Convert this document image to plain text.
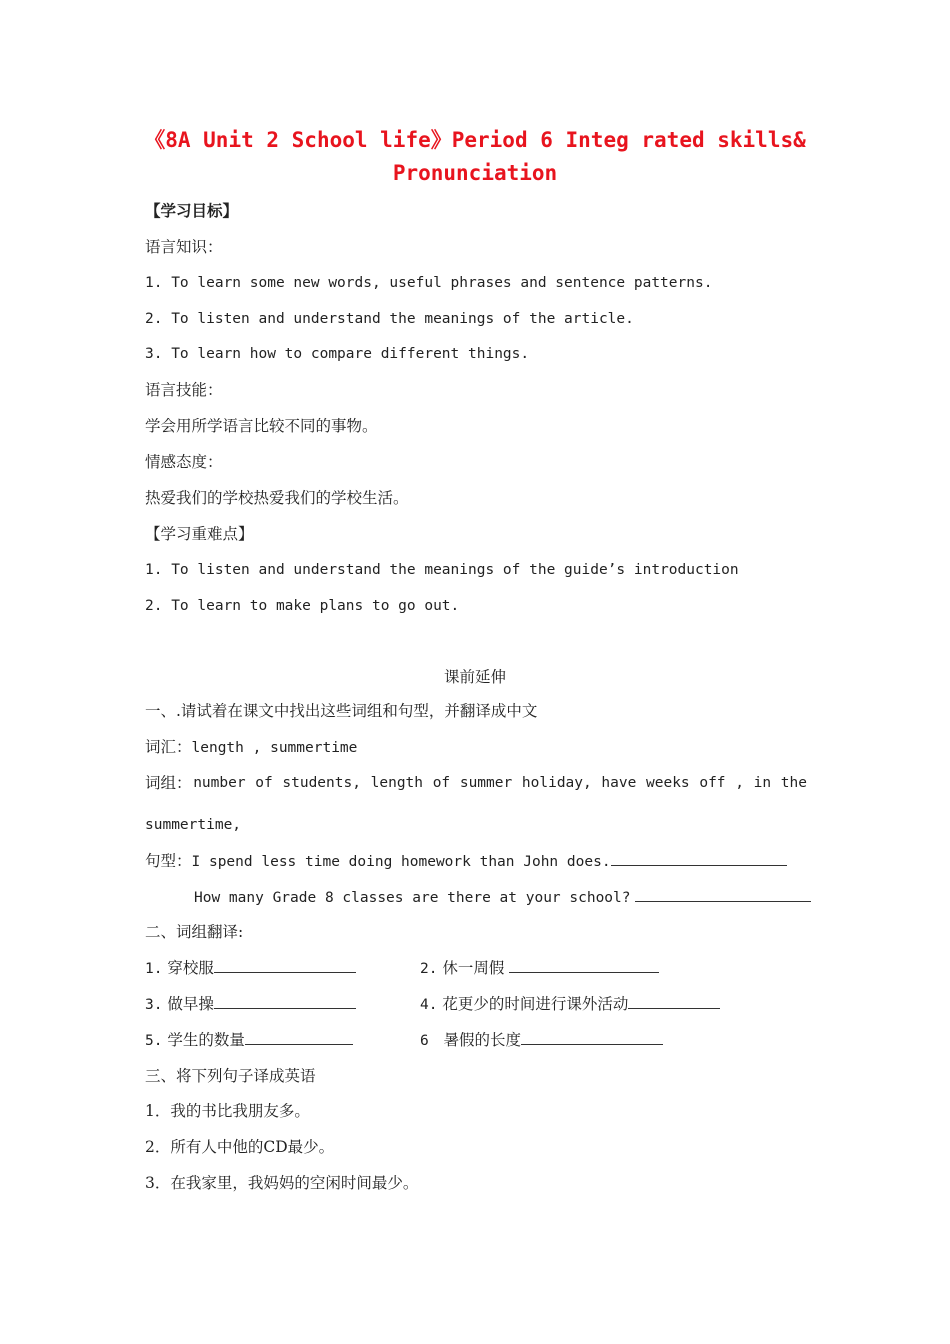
《8A Unit 2 School life》Period 6 Integ rated skills&
Pronunciation
【学习目标】
语言知识：
1. To learn some new words, useful phrases and sentence patterns.
2. To listen and understand the meanings of the article.
3. To learn how to compare different things.
语言技能：
学会用所学语言比较不同的事物。
情感态度：
热爱我们的学校热爱我们的学校生活。
【学习重难点】
1. To listen and understand the meanings of the guide’s introduction
2. To learn to make plans to go out.
课前延伸
一、.请试着在课文中找出这些词组和句型，并翻译成中文
词汇：length , summertime
词组： number of students, length of summer holiday, have weeks off , in the
summertime,
句型：I spend less time doing homework than John does.
How many Grade 8 classes are there at your school?
二、词组翻译:
1. 穿校服	2. 休一周假
3. 做早操	4. 花更少的时间进行课外活动
5. 学生的数量	6 暑假的长度
三、将下列句子译成英语
1．我的书比我朋友多。
2．所有人中他的CD最少。
3．在我家里，我妈妈的空闲时间最少。
